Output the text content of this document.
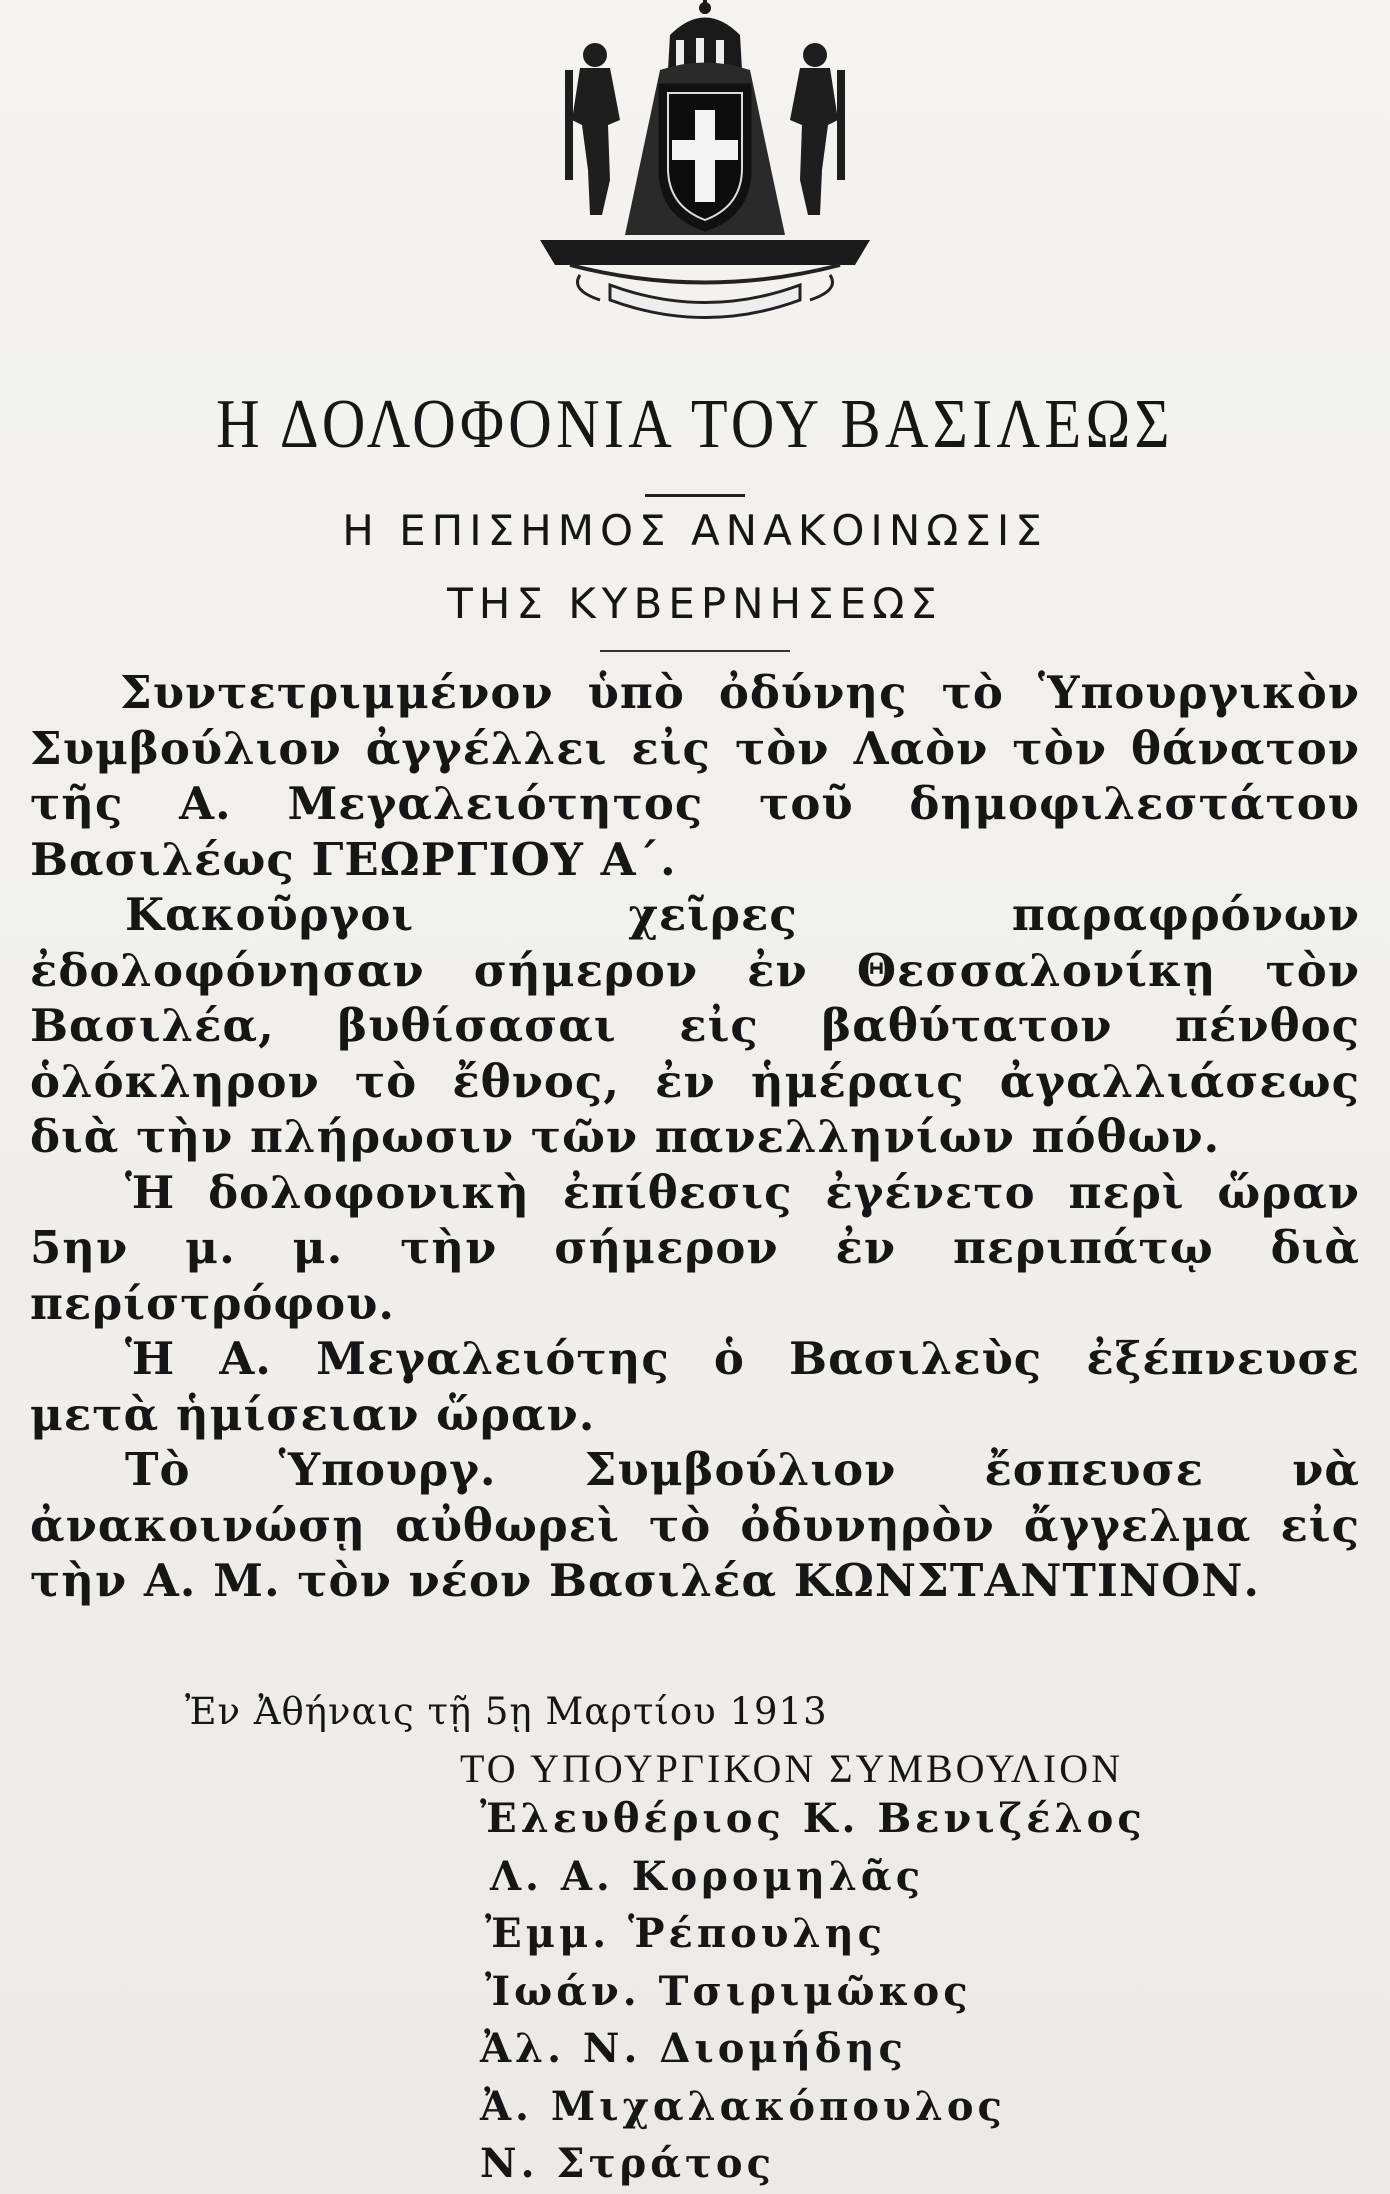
Η ΔΟΛΟΦΟΝΙΑ ΤΟΥ ΒΑΣΙΛΕΩΣ
Η ΕΠΙΣΗΜΟΣ ΑΝΑΚΟΙΝΩΣΙΣ
ΤΗΣ ΚΥΒΕΡΝΗΣΕΩΣ

Συντετριμμένον ὑπὸ ὀδύνης τὸ Ὑπουργικὸν Συμβούλιον ἀγγέλλει εἰς τὸν Λαὸν τὸν θάνατον τῆς Α. Μεγαλειότητος τοῦ δημοφιλεστάτου Βασιλέως ΓΕΩΡΓΙΟΥ Α΄.

Κακοῦργοι χεῖρες παραφρόνων ἐδολοφόνησαν σήμερον ἐν Θεσσαλονίκῃ τὸν Βασιλέα, βυθίσασαι εἰς βαθύτατον πένθος ὁλόκληρον τὸ ἔθνος, ἐν ἡμέραις ἀγαλλιάσεως διὰ τὴν πλήρωσιν τῶν πανελληνίων πόθων.

Ἡ δολοφονικὴ ἐπίθεσις ἐγένετο περὶ ὥραν 5ην μ. μ. τὴν σήμερον ἐν περιπάτῳ διὰ περίστρόφου.

Ἡ Α. Μεγαλειότης ὁ Βασιλεὺς ἐξέπνευσε μετὰ ἡμίσειαν ὥραν.

Τὸ Ὑπουργ. Συμβούλιον ἔσπευσε νὰ ἀνακοινώσῃ αὐθωρεὶ τὸ ὀδυνηρὸν ἄγγελμα εἰς τὴν Α. Μ. τὸν νέον Βασιλέα ΚΩΝΣΤΑΝΤΙΝΟΝ.

Ἐν Ἀθήναις τῇ 5ῃ Μαρτίου 1913
ΤΟ ΥΠΟΥΡΓΙΚΟΝ ΣΥΜΒΟΥΛΙΟΝ
Ἐλευθέριος Κ. Βενιζέλος
Λ. Α. Κορομηλᾶς
Ἐμμ. Ῥέπουλης
Ἰωάν. Τσιριμῶκος
Ἀλ. Ν. Διομήδης
Ἀ. Μιχαλακόπουλος
Ν. Στράτος
